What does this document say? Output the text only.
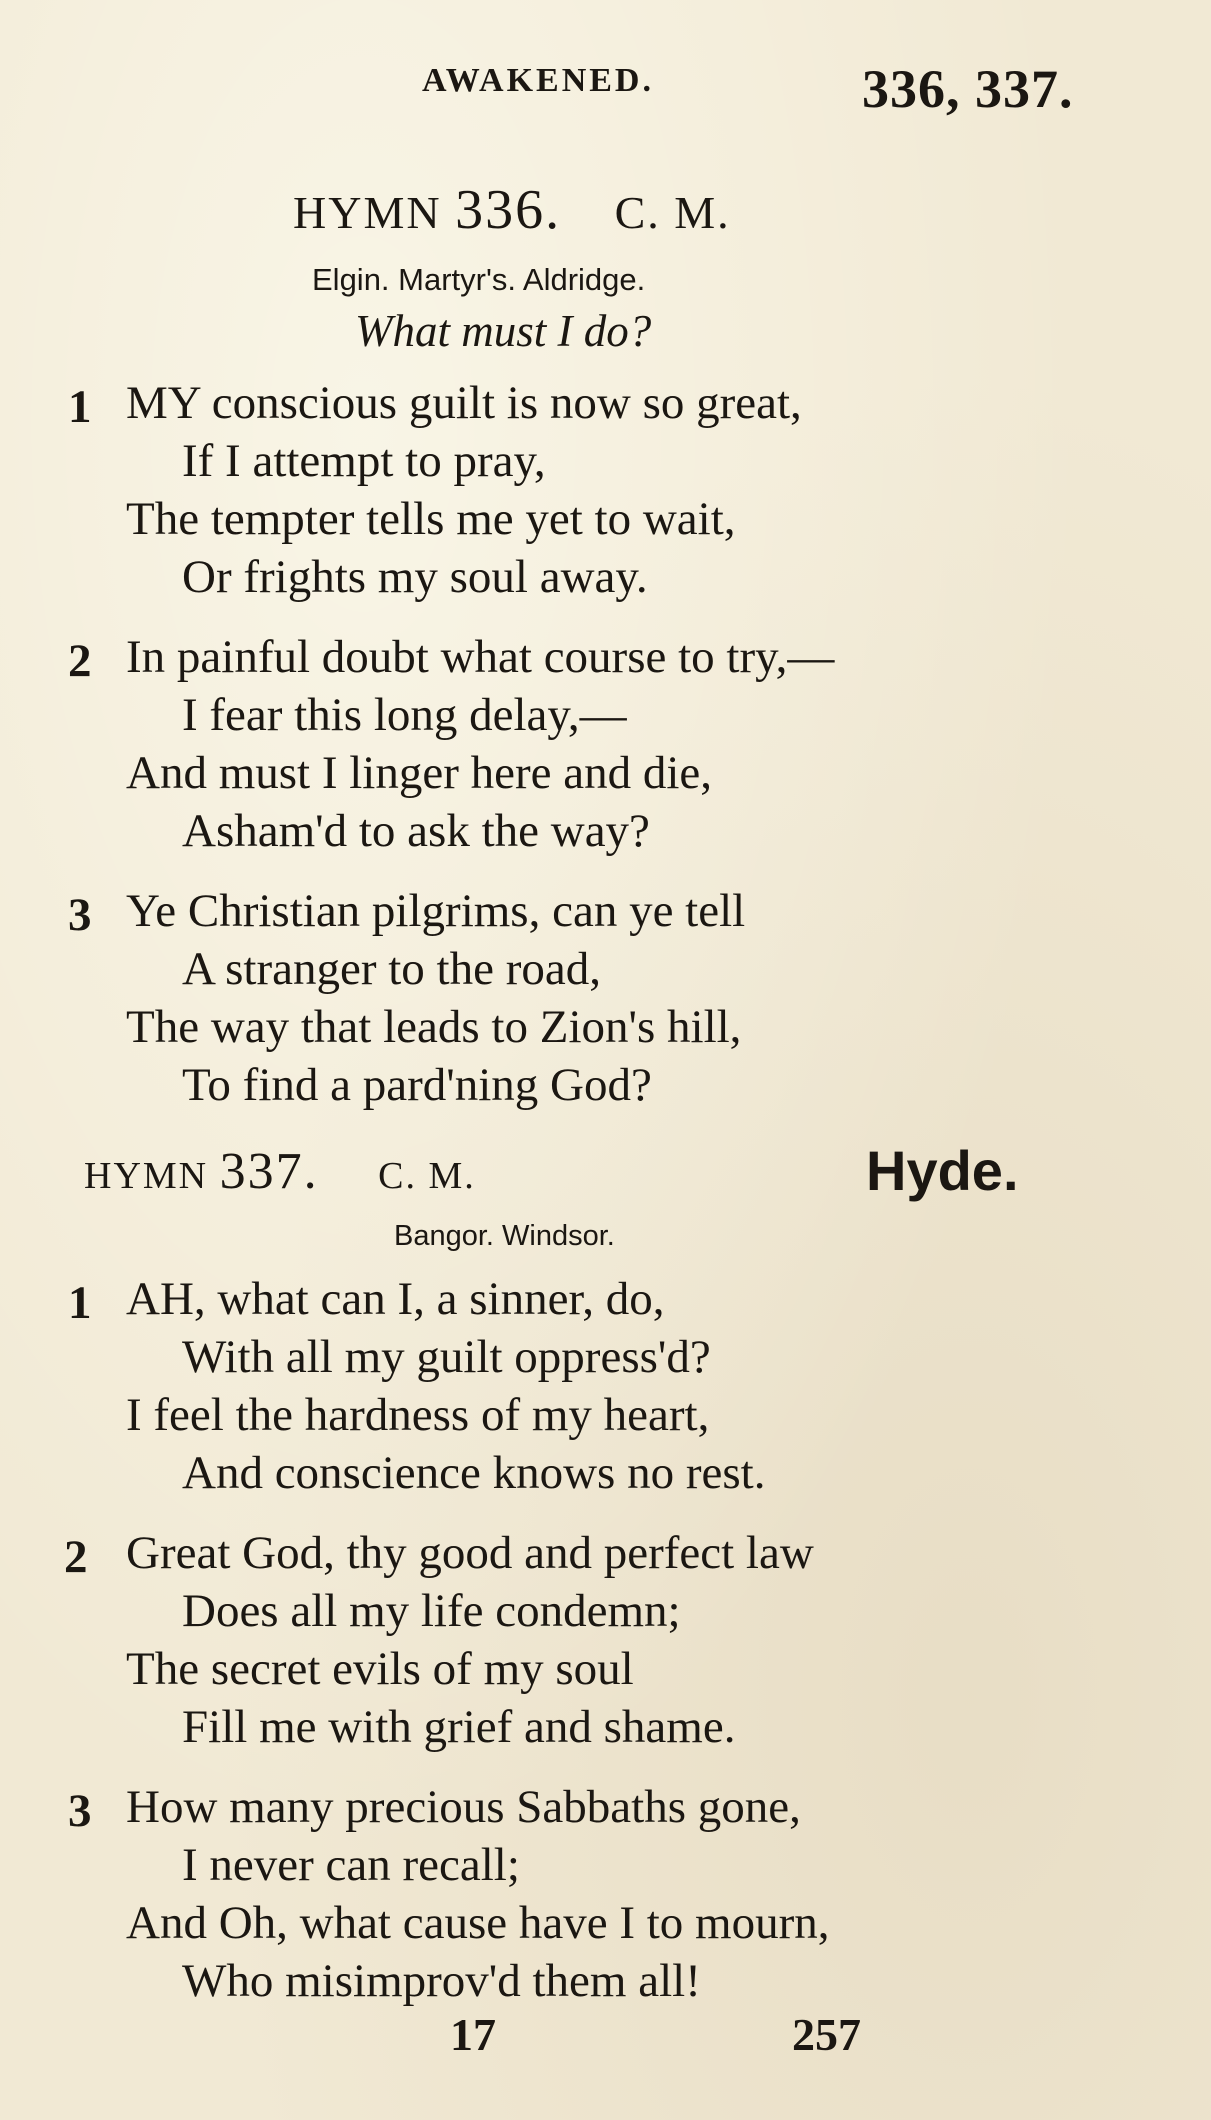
AWAKENED.	336, 337.
HYMN 336. C. M.
Elgin. Martyr's. Aldridge.
What must I do?
1 MY conscious guilt is now so great,
If I attempt to pray,
The tempter tells me yet to wait,
Or frights my soul away.
2 In painful doubt what course to try,—
I fear this long delay,—
And must I linger here and die,
Asham'd to ask the way?
3 Ye Christian pilgrims, can ye tell
A stranger to the road,
The way that leads to Zion's hill,
To find a pard'ning God?
HYMN 337. C. M.	Hyde.
Bangor. Windsor.
1 AH, what can I, a sinner, do,
With all my guilt oppress'd?
I feel the hardness of my heart,
And conscience knows no rest.
2 Great God, thy good and perfect law
Does all my life condemn;
The secret evils of my soul
Fill me with grief and shame.
3 How many precious Sabbaths gone,
I never can recall;
And Oh, what cause have I to mourn,
Who misimprov'd them all!
17	257
